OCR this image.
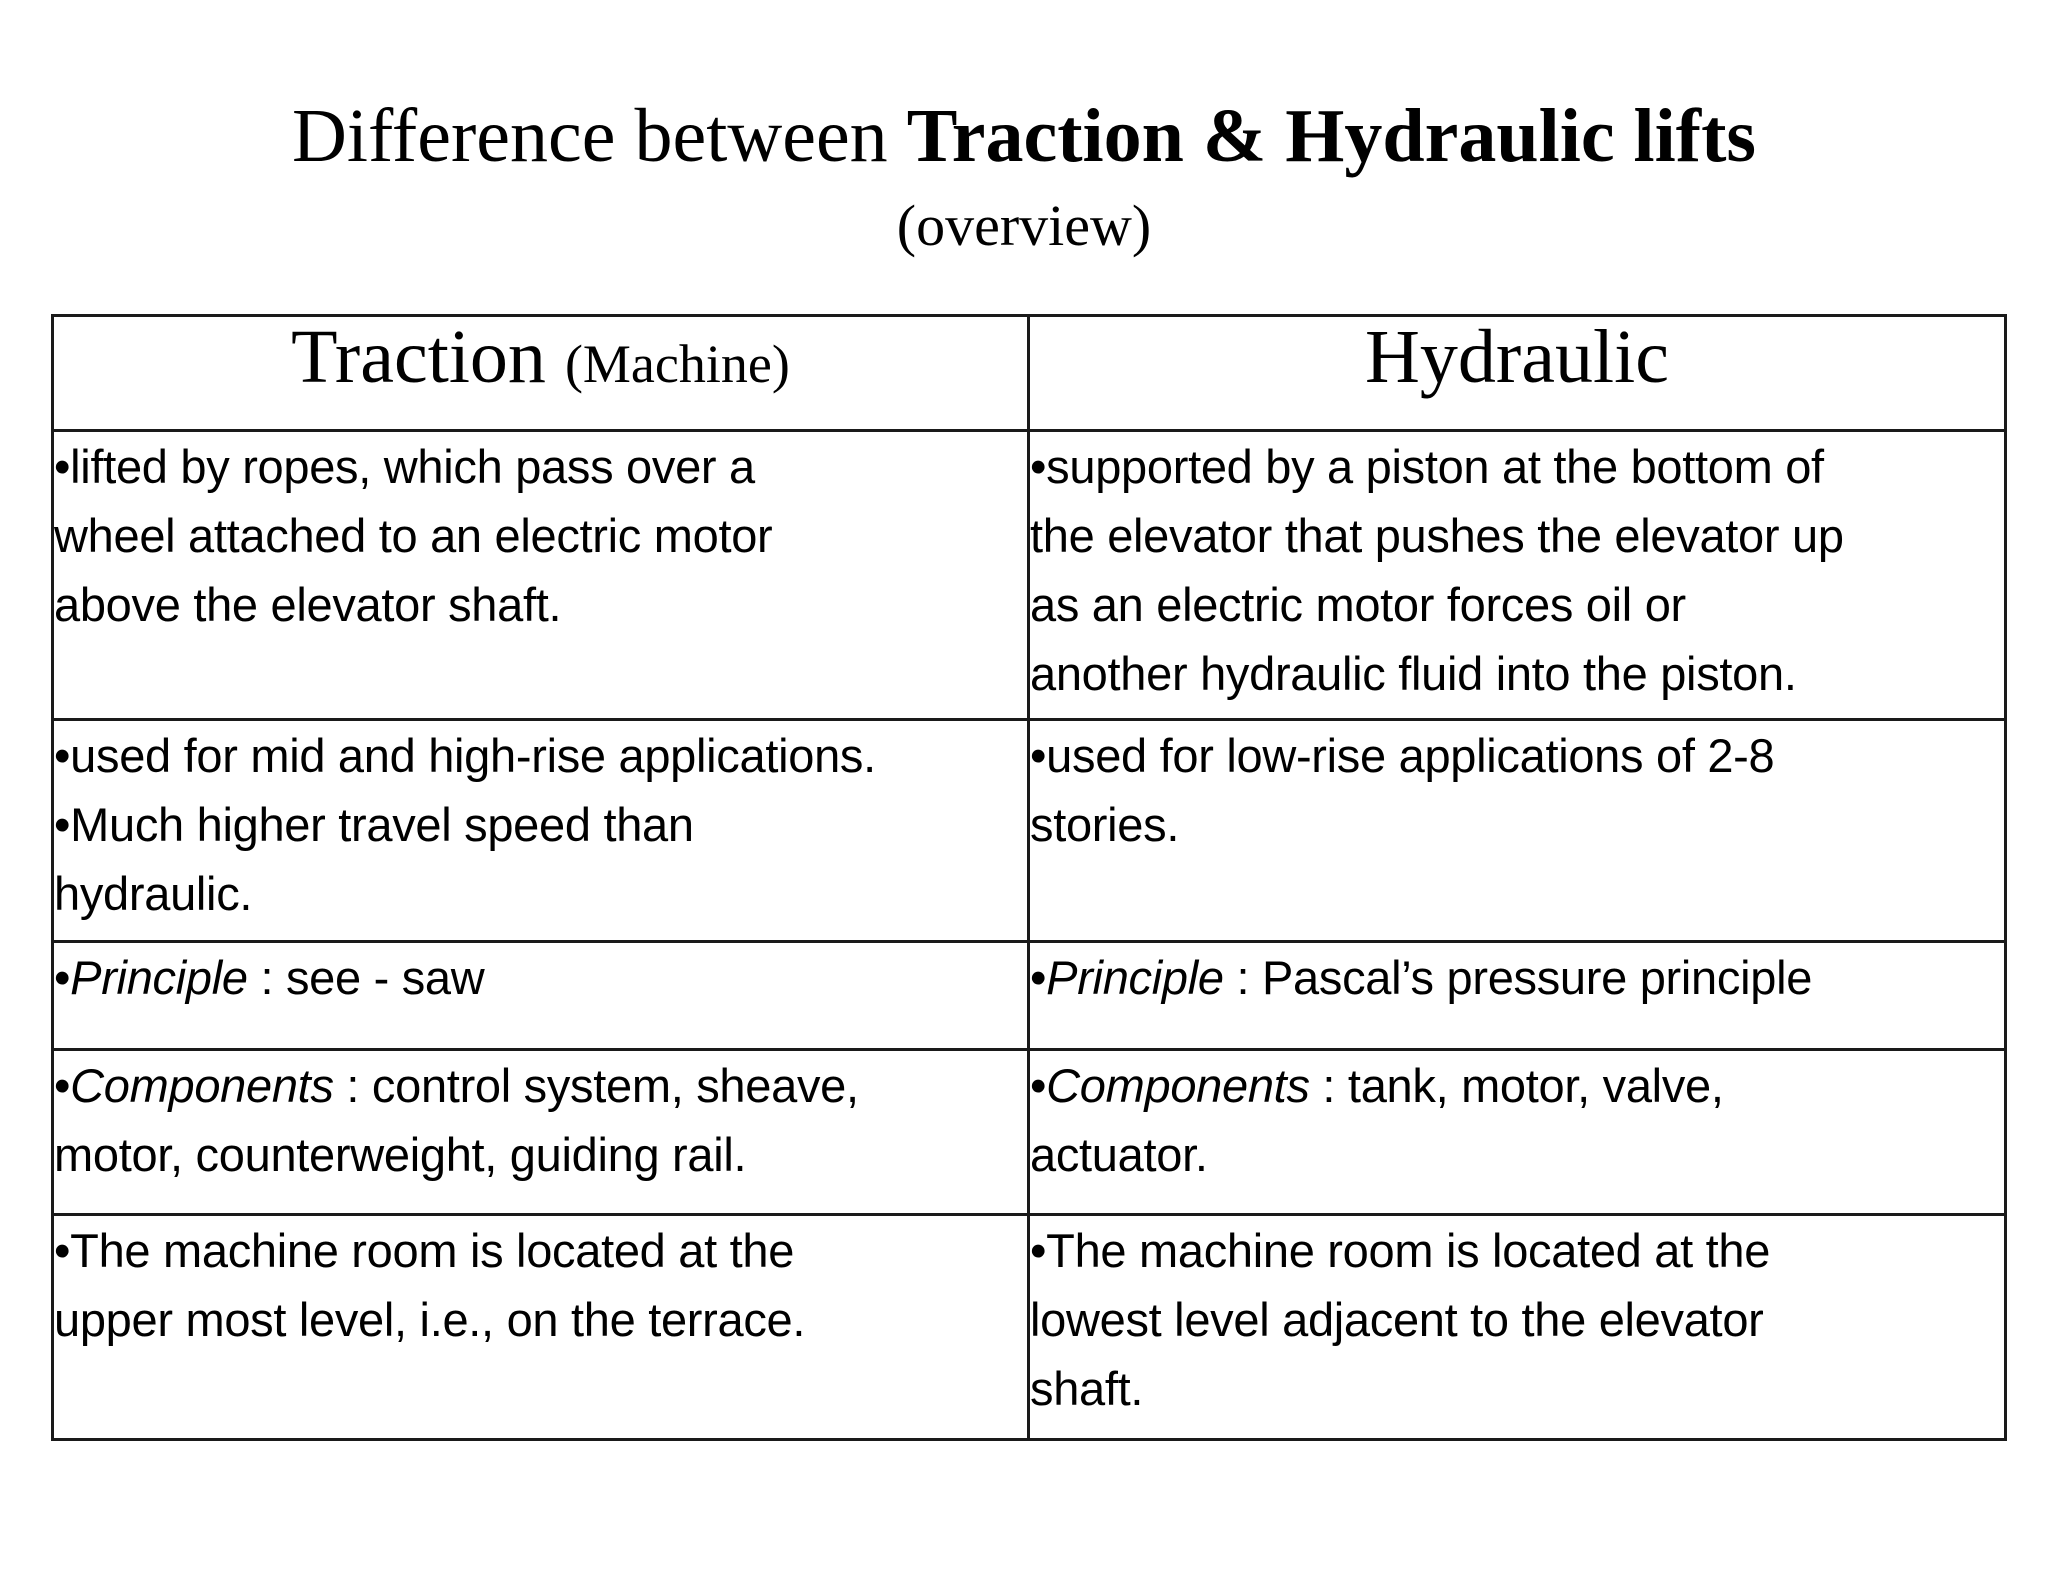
Difference between Traction & Hydraulic lifts
(overview)
Traction (Machine)	Hydraulic

•lifted by ropes, which pass over a
wheel attached to an electric motor
above the elevator shaft.	•supported by a piston at the bottom of
the elevator that pushes the elevator up
as an electric motor forces oil or
another hydraulic fluid into the piston.

•used for mid and high-rise applications.
•Much higher travel speed than
hydraulic.	•used for low-rise applications of 2-8
stories.

•Principle : see - saw	•Principle : Pascal’s pressure principle

•Components : control system, sheave,
motor, counterweight, guiding rail.	•Components : tank, motor, valve,
actuator.

•The machine room is located at the
upper most level, i.e., on the terrace.	•The machine room is located at the
lowest level adjacent to the elevator
shaft.
